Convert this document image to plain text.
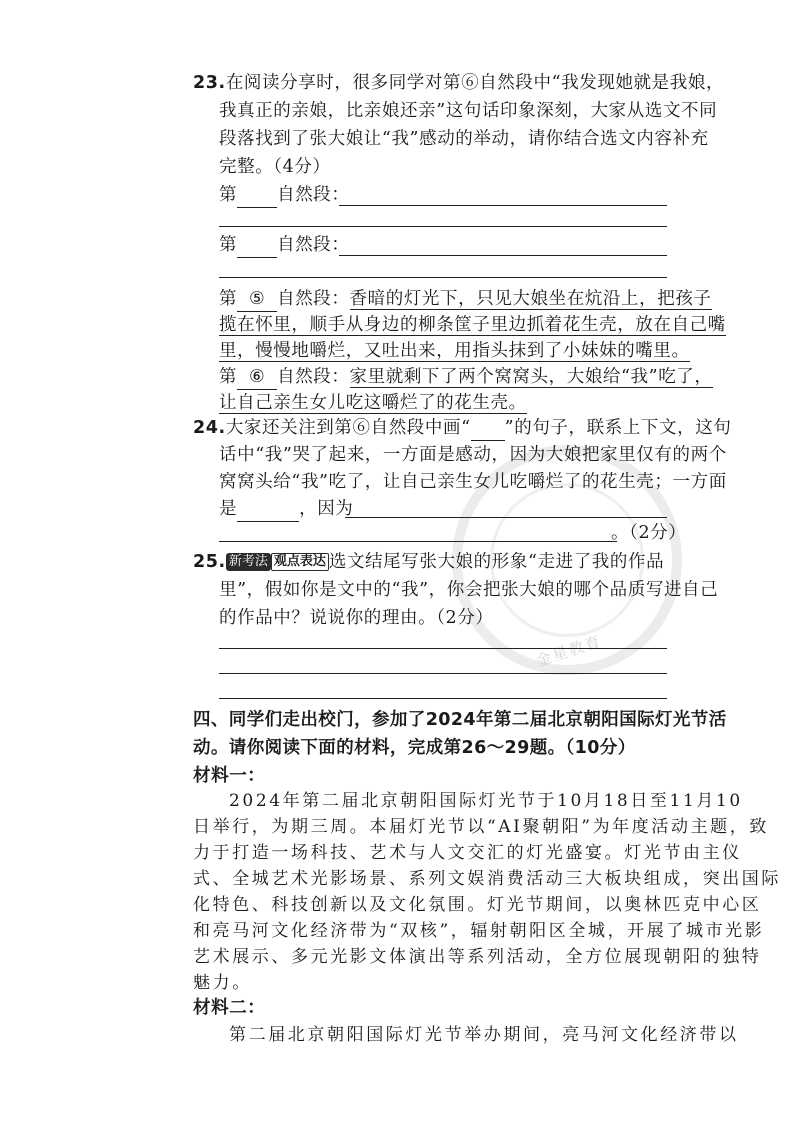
金星教育
23.在阅读分享时，很多同学对第⑥自然段中“我发现她就是我娘，
我真正的亲娘，比亲娘还亲”这句话印象深刻，大家从选文不同
段落找到了张大娘让“我”感动的举动，请你结合选文内容补充
完整。（4分）
第 自然段：
第 自然段：
第 ⑤ 自然段：香暗的灯光下，只见大娘坐在炕沿上，把孩子
揽在怀里，顺手从身边的柳条筐子里边抓着花生壳，放在自己嘴
里，慢慢地嚼烂，又吐出来，用指头抹到了小妹妹的嘴里。
第 ⑥ 自然段：家里就剩下了两个窝窝头，大娘给“我”吃了，
让自己亲生女儿吃这嚼烂了的花生壳。
24.大家还关注到第⑥自然段中画“ ”的句子，联系上下文，这句
话中“我”哭了起来，一方面是感动，因为大娘把家里仅有的两个
窝窝头给“我”吃了，让自己亲生女儿吃嚼烂了的花生壳；一方面
是	，因为
。（2分）
25. 新考法 观点表达 选文结尾写张大娘的形象“走进了我的作品
里”，假如你是文中的“我”，你会把张大娘的哪个品质写进自己
的作品中？说说你的理由。（2分）
四、同学们走出校门，参加了2024年第二届北京朝阳国际灯光节活
动。请你阅读下面的材料，完成第26～29题。（10分）
材料一：
2024年第二届北京朝阳国际灯光节于10月18日至11月10
日举行，为期三周。本届灯光节以“AI聚朝阳”为年度活动主题，致
力于打造一场科技、艺术与人文交汇的灯光盛宴。灯光节由主仪
式、全城艺术光影场景、系列文娱消费活动三大板块组成，突出国际
化特色、科技创新以及文化氛围。灯光节期间，以奥林匹克中心区
和亮马河文化经济带为“双核”，辐射朝阳区全城，开展了城市光影
艺术展示、多元光影文体演出等系列活动，全方位展现朝阳的独特
魅力。
材料二：
第二届北京朝阳国际灯光节举办期间，亮马河文化经济带以
